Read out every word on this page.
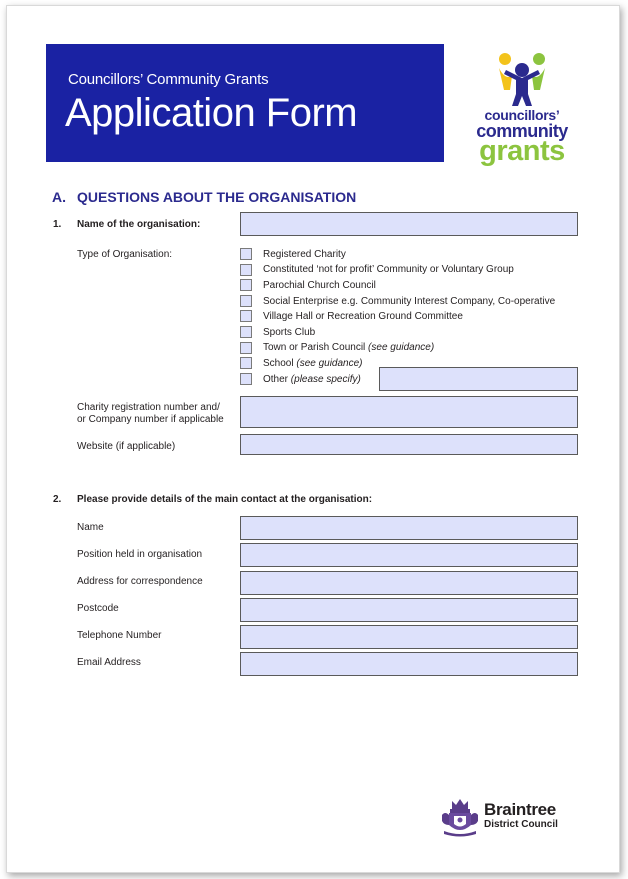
Councillors’ Community Grants
Application Form	councillors’
community
grants
A. QUESTIONS ABOUT THE ORGANISATION
1. Name of the organisation:
Type of Organisation:	Registered Charity
Constituted ‘not for profit’ Community or Voluntary Group
Parochial Church Council
Social Enterprise e.g. Community Interest Company, Co-operative
Village Hall or Recreation Ground Committee
Sports Club
Town or Parish Council (see guidance)
School (see guidance)
Other (please specify)
Charity registration number and/
or Company number if applicable
Website (if applicable)
2. Please provide details of the main contact at the organisation:
Name
Position held in organisation
Address for correspondence
Postcode
Telephone Number
Email Address
Braintree
District Council
